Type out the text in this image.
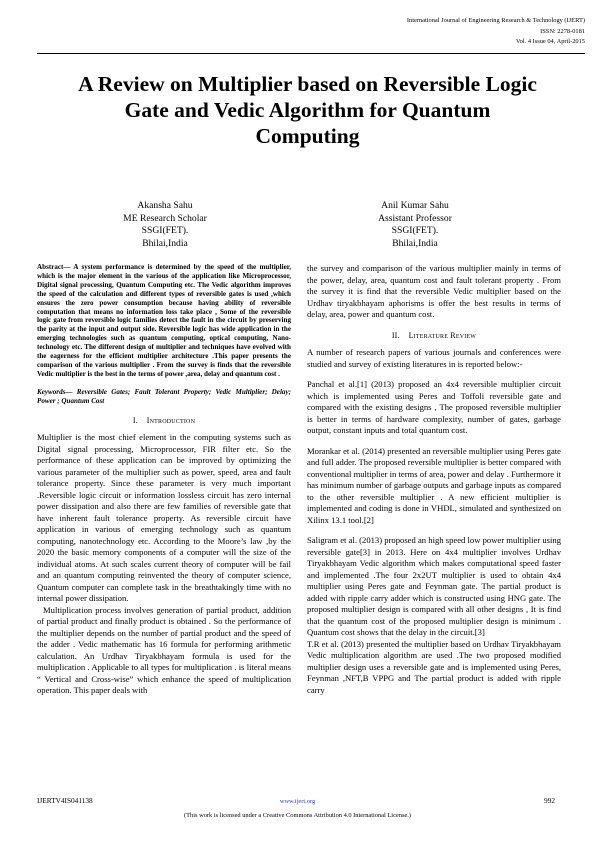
International Journal of Engineering Research & Technology (IJERT)
ISSN: 2278-0181
Vol. 4 Issue 04, April-2015
A Review on Multiplier based on Reversible Logic
Gate and Vedic Algorithm for Quantum
Computing
Akansha Sahu
ME Research Scholar
SSGI(FET).
Bhilai,India
Anil Kumar Sahu
Assistant Professor
SSGI(FET).
Bhilai,India

Abstract— A system performance is determined by the speed of the multiplier, which is the major element in the various of the application like Microprocessor, Digital signal processing, Quantum Computing etc. The Vedic algorithm improves the speed of the calculation and different types of reversible gates is used ,which ensures the zero power consumption because having ability of reversible computation that means no information loss take place , Some of the reversible logic gate from reversible logic families detect the fault in the circuit by preserving the parity at the input and output side. Reversible logic has wide application in the emerging technologies such as quantum computing, optical computing, Nano-technology etc. The different design of multiplier and techniques have evolved with the eagerness for the efficient multiplier architecture .This paper presents the comparison of the various multiplier . From the survey is finds that the reversible Vedic multiplier is the best in the terms of power ,area, delay and quantum cost .

Keywords— Reversible Gates; Fault Tolerant Property; Vedic Multiplier; Delay; Power ; Quantum Cost

I. Introduction

Multiplier is the most chief element in the computing systems such as Digital signal processing, Microprocessor, FIR filter etc. So the performance of these application can be improved by optimizing the various parameter of the multiplier such as power, speed, area and fault tolerance property. Since these parameter is very much important .Reversible logic circuit or information lossless circuit has zero internal power dissipation and also there are few families of reversible gate that have inherent fault tolerance property. As reversible circuit have application in various of emerging technology such as quantum computing, nanotechnology etc. According to the Moore’s law ,by the 2020 the basic memory components of a computer will the size of the individual atoms. At such scales current theory of computer will be fail and an quantum computing reinvented the theory of computer science, Quantum computer can complete task in the breathtakingly time with no internal power dissipation.

Multiplication process involves generation of partial product, addition of partial product and finally product is obtained . So the performance of the multiplier depends on the number of partial product and the speed of the adder . Vedic mathematic has 16 formula for performing arithmetic calculation. An Urdhav Tiryakbhayam formula is used for the multiplication . Applicable to all types for multiplication . is literal means “ Vertical and Cross-wise” which enhance the speed of multiplication operation. This paper deals with

the survey and comparison of the various multiplier mainly in terms of the power, delay, area, quantum cost and fault tolerant property . From the survey it is find that the reversible Vedic multiplier based on the Urdhav tiryakbhayam aphorisms is offer the best results in terms of delay, area, power and quantum cost.

II. Literature Review

A number of research papers of various journals and conferences were studied and survey of existing literatures in is reported below:-

Panchal et al.[1] (2013) proposed an 4x4 reversible multiplier circuit which is implemented using Peres and Toffoli reversible gate and compared with the existing designs , The proposed reversible multiplier is better in terms of hardware complexity, number of gates, garbage output, constant inputs and total quantum cost.

Morankar et al. (2014) presented an reversible multiplier using Peres gate and full adder. The proposed reversible multiplier is better compared with conventional multiplier in terms of area, power and delay . Furthermore it has minimum number of garbage outputs and garbage inputs as compared to the other reversible multiplier . A new efficient multiplier is implemented and coding is done in VHDL, simulated and synthesized on Xilinx 13.1 tool.[2]

Saligram et al. (2013) proposed an high speed low power multiplier using reversible gate[3] in 2013. Here on 4x4 multiplier involves Urdhav Tiryakbhayam Vedic algorithm which makes computational speed faster and implemented .The four 2x2UT multiplier is used to obtain 4x4 multiplier using Peres gate and Feynman gate. The partial product is added with ripple carry adder which is constructed using HNG gate. The proposed multiplier design is compared with all other designs , It is find that the quantum cost of the proposed multiplier design is minimum . Quantum cost shows that the delay in the circuit.[3]

T.R et al. (2013) presented the multiplier based on Urdhav Tiryakbhayam Vedic multiplication algorithm are used .The two proposed modified multiplier design uses a reversible gate and is implemented using Peres, Feynman ,NFT,B VPPG and The partial product is added with ripple carry

IJERTV4IS041138	www.ijert.org	992
(This work is licensed under a Creative Commons Attribution 4.0 International License.)
